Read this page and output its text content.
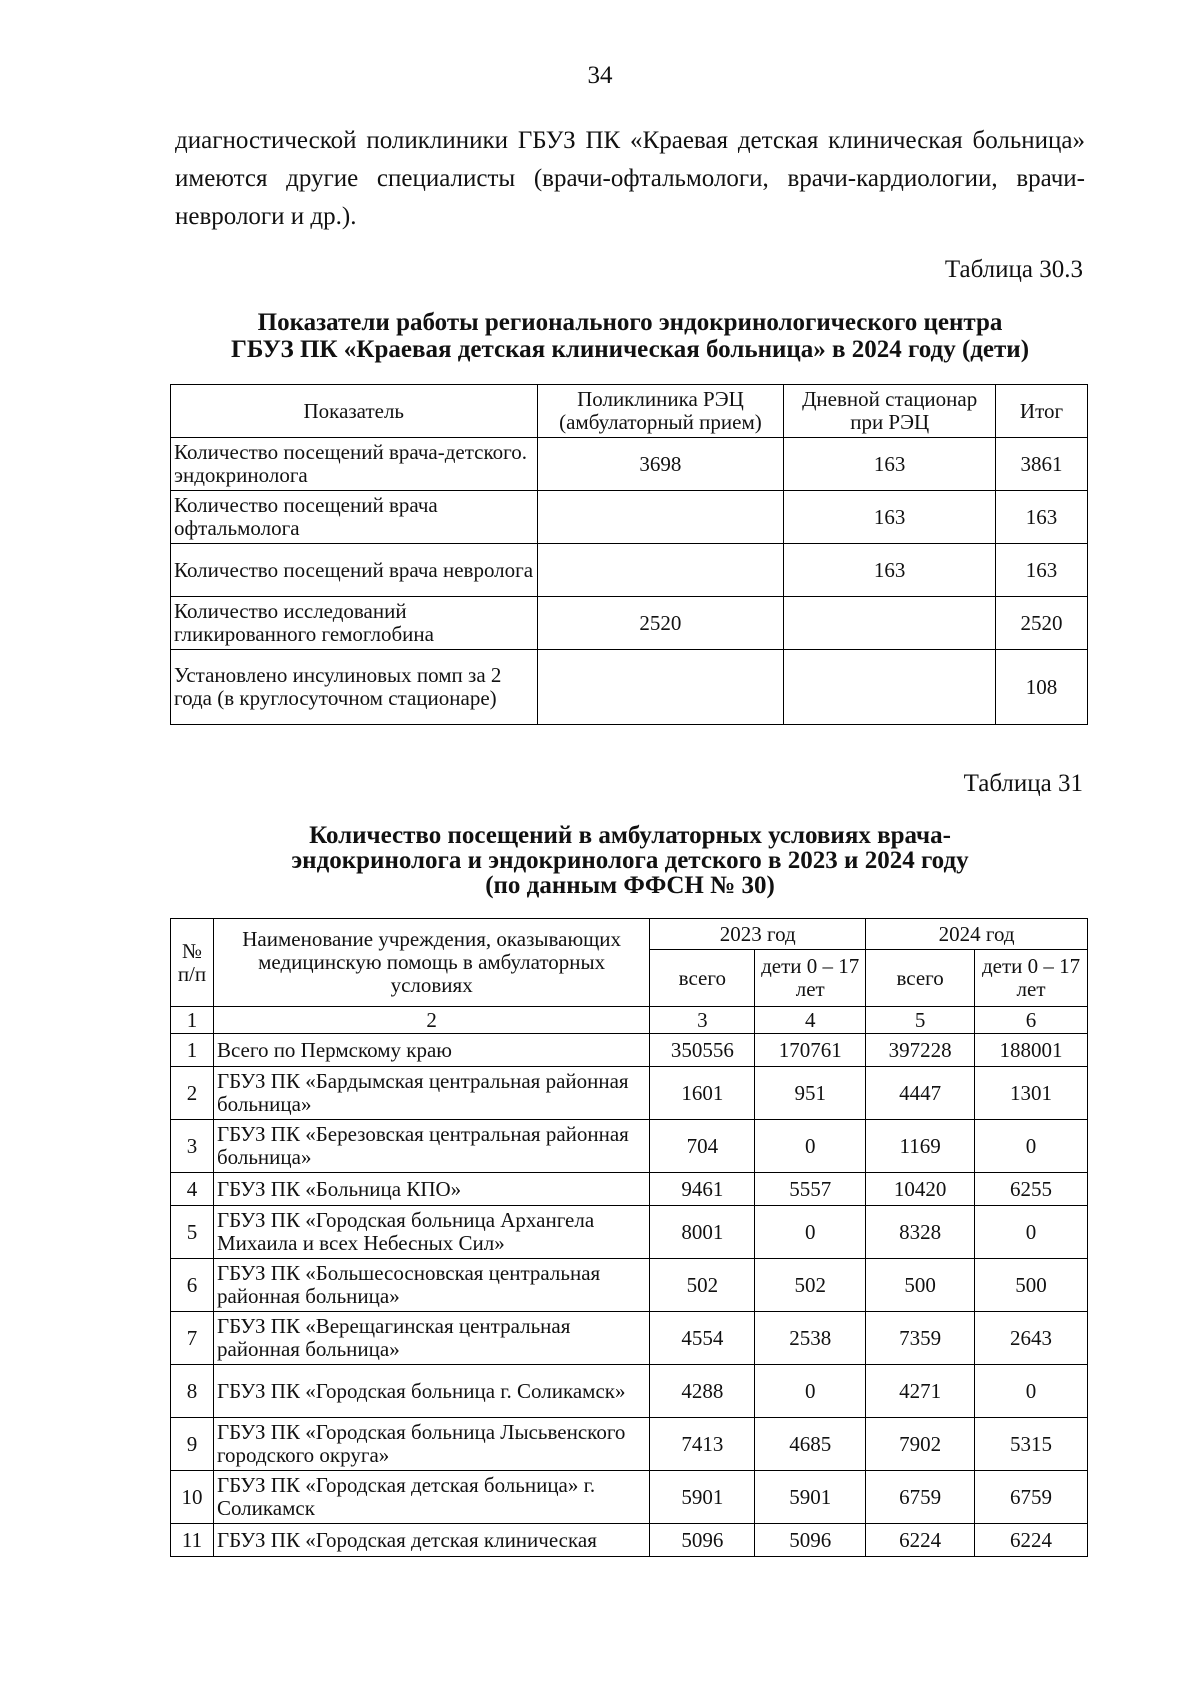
34
диагностической поликлиники ГБУЗ ПК «Краевая детская клиническая больница» имеются другие специалисты (врачи-офтальмологи, врачи-кардиологии, врачи-неврологи и др.).
Таблица 30.3
Показатели работы регионального эндокринологического центра
ГБУЗ ПК «Краевая детская клиническая больница» в 2024 году (дети)
Показатель	Поликлиника РЭЦ (амбулаторный прием)	Дневной стационар при РЭЦ	Итог
Количество посещений врача-детского. эндокринолога	3698	163	3861
Количество посещений врача офтальмолога		163	163
Количество посещений врача невролога		163	163
Количество исследований гликированного гемоглобина	2520		2520
Установлено инсулиновых помп за 2 года (в круглосуточном стационаре)			108
Таблица 31
Количество посещений в амбулаторных условиях врача-
эндокринолога и эндокринолога детского в 2023 и 2024 году
(по данным ФФСН № 30)
№ п/п	Наименование учреждения, оказывающих медицинскую помощь в амбулаторных условиях	2023 год		2024 год	
		всего	дети 0 – 17 лет	всего	дети 0 – 17 лет
1	2	3	4	5	6
1	Всего по Пермскому краю	350556	170761	397228	188001
2	ГБУЗ ПК «Бардымская центральная районная больница»	1601	951	4447	1301
3	ГБУЗ ПК «Березовская центральная районная больница»	704	0	1169	0
4	ГБУЗ ПК «Больница КПО»	9461	5557	10420	6255
5	ГБУЗ ПК «Городская больница Архангела Михаила и всех Небесных Сил»	8001	0	8328	0
6	ГБУЗ ПК «Большесосновская центральная районная больница»	502	502	500	500
7	ГБУЗ ПК «Верещагинская центральная районная больница»	4554	2538	7359	2643
8	ГБУЗ ПК «Городская больница г. Соликамск»	4288	0	4271	0
9	ГБУЗ ПК «Городская больница Лысьвенского городского округа»	7413	4685	7902	5315
10	ГБУЗ ПК «Городская детская больница» г. Соликамск	5901	5901	6759	6759
11	ГБУЗ ПК «Городская детская клиническая	5096	5096	6224	6224
